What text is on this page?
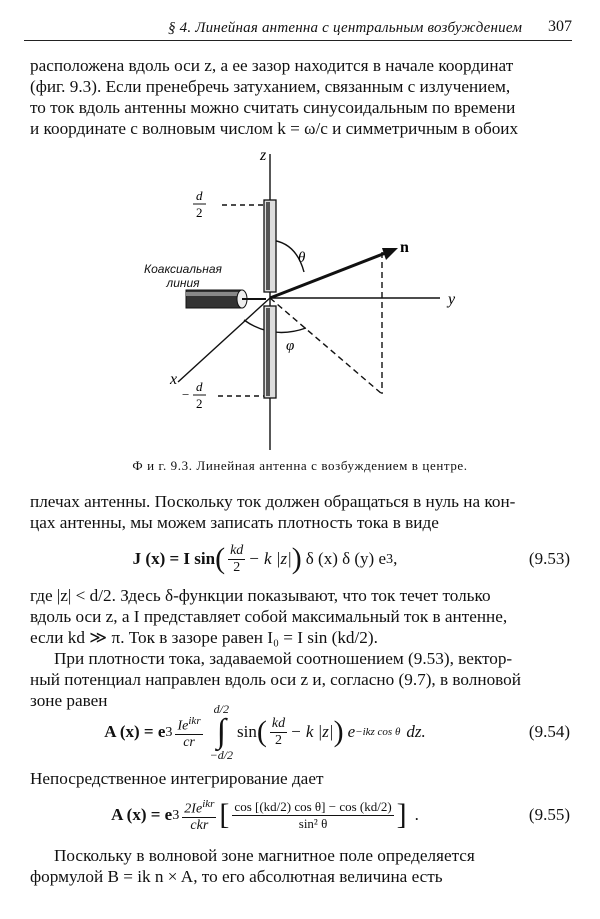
§ 4. Линейная антенна с центральным возбуждением 307

расположена вдоль оси z, а ее зазор находится в начале координат

(фиг. 9.3). Если пренебречь затуханием, связанным с излучением,

то ток вдоль антенны можно считать синусоидальным по времени

и координате с волновым числом k = ω/c и симметричным в обоих

z
y
x
n
θ
φ
d
2
−
d
2
Коаксиальная
линия
Ф и г. 9.3. Линейная антенна с возбуждением в центре.

плечах антенны. Поскольку ток должен обращаться в нуль на кон-

цах антенны, мы можем записать плотность тока в виде

J (x) = I sin ( $\frac{kd}{2} - k$ |z| ) δ (x) δ (y) e 3 ,	(9.53)

где |z| < d/2. Здесь δ-функции показывают, что ток течет только

вдоль оси z, а I представляет собой максимальный ток в антенне,

если kd ≫ π. Ток в зазоре равен I₀ = I sin (kd/2).

При плотности тока, задаваемой соотношением (9.53), вектор-

ный потенциал направлен вдоль оси z и, согласно (9.7), в волновой

зоне равен

A (x) = e $3 \frac{Ie^{ikr}}{cr}$
d/2
∫
−d/2
sin ( $\frac{kd}{2} - k$ |z| ) e −ikz cos θ dz.	(9.54)

Непосредственное интегрирование дает

A (x) = e $3 \frac{2Ie^{ikr}}{\text{ckr}}$ [ $\frac{\text{cos [(kd/2) cos θ] − cos (kd/2)}}{\text{sin² θ}}$ ] .	(9.55)

Поскольку в волновой зоне магнитное поле определяется

формулой B = ik n × A, то его абсолютная величина есть
